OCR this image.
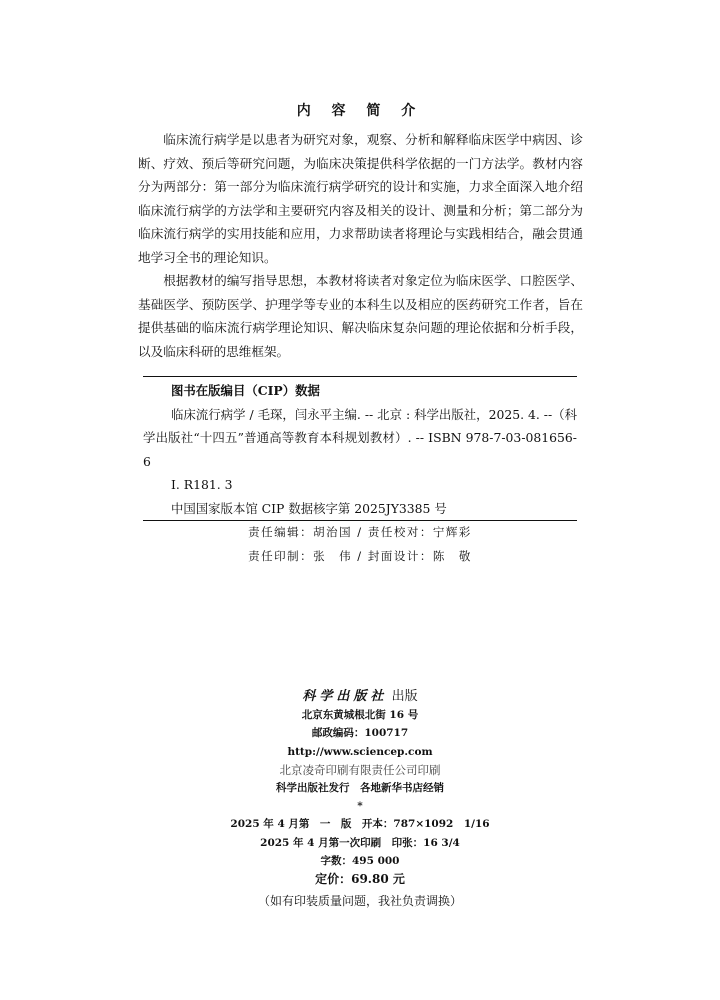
内 容 简 介

临床流行病学是以患者为研究对象，观察、分析和解释临床医学中病因、诊断、疗效、预后等研究问题，为临床决策提供科学依据的一门方法学。教材内容分为两部分：第一部分为临床流行病学研究的设计和实施，力求全面深入地介绍临床流行病学的方法学和主要研究内容及相关的设计、测量和分析；第二部分为临床流行病学的实用技能和应用，力求帮助读者将理论与实践相结合，融会贯通地学习全书的理论知识。

根据教材的编写指导思想，本教材将读者对象定位为临床医学、口腔医学、基础医学、预防医学、护理学等专业的本科生以及相应的医药研究工作者，旨在提供基础的临床流行病学理论知识、解决临床复杂问题的理论依据和分析手段，以及临床科研的思维框架。

图书在版编目（CIP）数据
临床流行病学 / 毛琛，闫永平主编. -- 北京 : 科学出版社，2025. 4. --（科学出版社“十四五”普通高等教育本科规划教材）. -- ISBN 978-7-03-081656-6
Ⅰ. R181. 3
中国国家版本馆 CIP 数据核字第 2025JY3385 号
责任编辑：胡治国 / 责任校对：宁辉彩
责任印制：张　伟 / 封面设计：陈　敬
科学出版社 出版
北京东黄城根北街 16 号
邮政编码：100717
http://www.sciencep.com
北京凌奇印刷有限责任公司印刷
科学出版社发行　各地新华书店经销
*
2025 年 4 月第　一　版　开本：787×1092　1/16
2025 年 4 月第一次印刷　印张：16 3/4
字数：495 000
定价：69.80 元
（如有印装质量问题，我社负责调换）
